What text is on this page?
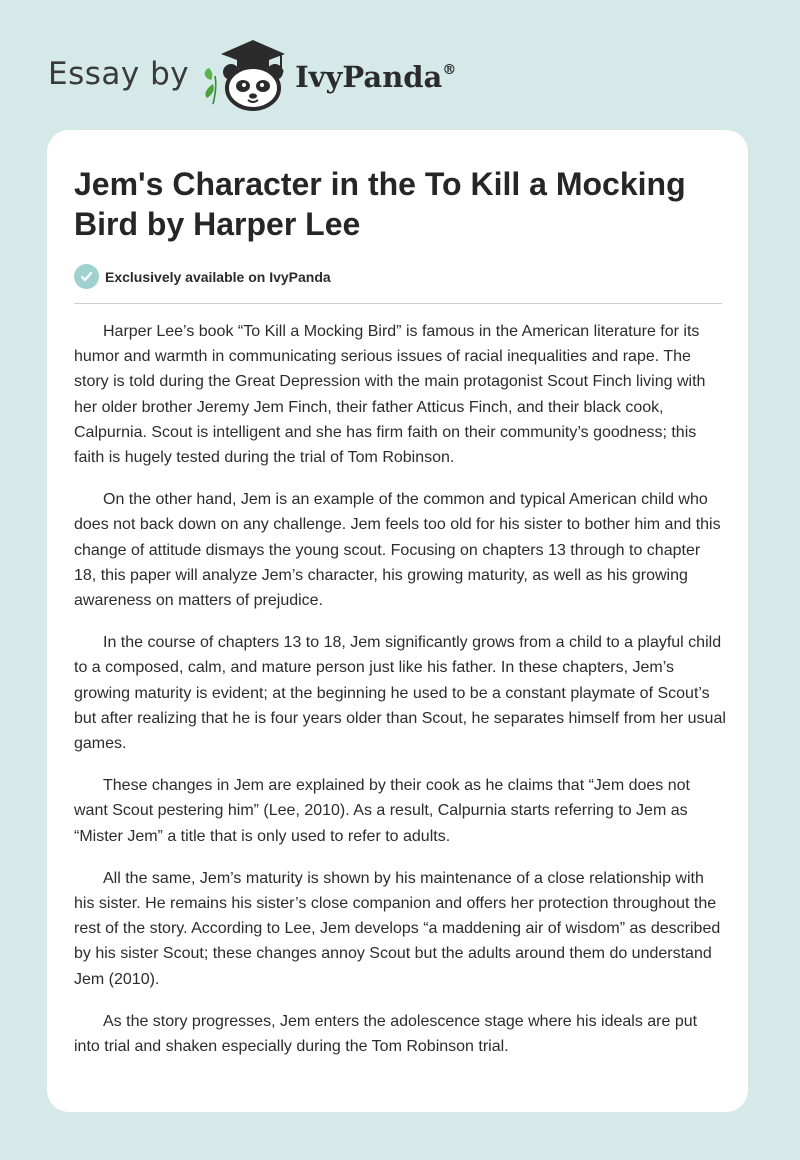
Essay by	IvyPanda®
Jem's Character in the To Kill a Mocking Bird by Harper Lee
Exclusively available on IvyPanda

Harper Lee’s book “To Kill a Mocking Bird” is famous in the American literature for its humor and warmth in communicating serious issues of racial inequalities and rape. The story is told during the Great Depression with the main protagonist Scout Finch living with her older brother Jeremy Jem Finch, their father Atticus Finch, and their black cook, Calpurnia. Scout is intelligent and she has firm faith on their community’s goodness; this faith is hugely tested during the trial of Tom Robinson.

On the other hand, Jem is an example of the common and typical American child who does not back down on any challenge. Jem feels too old for his sister to bother him and this change of attitude dismays the young scout. Focusing on chapters 13 through to chapter 18, this paper will analyze Jem’s character, his growing maturity, as well as his growing awareness on matters of prejudice.

In the course of chapters 13 to 18, Jem significantly grows from a child to a playful child to a composed, calm, and mature person just like his father. In these chapters, Jem’s growing maturity is evident; at the beginning he used to be a constant playmate of Scout’s but after realizing that he is four years older than Scout, he separates himself from her usual games.

These changes in Jem are explained by their cook as he claims that “Jem does not want Scout pestering him” (Lee, 2010). As a result, Calpurnia starts referring to Jem as “Mister Jem” a title that is only used to refer to adults.

All the same, Jem’s maturity is shown by his maintenance of a close relationship with his sister. He remains his sister’s close companion and offers her protection throughout the rest of the story. According to Lee, Jem develops “a maddening air of wisdom” as described by his sister Scout; these changes annoy Scout but the adults around them do understand Jem (2010).

As the story progresses, Jem enters the adolescence stage where his ideals are put into trial and shaken especially during the Tom Robinson trial.
